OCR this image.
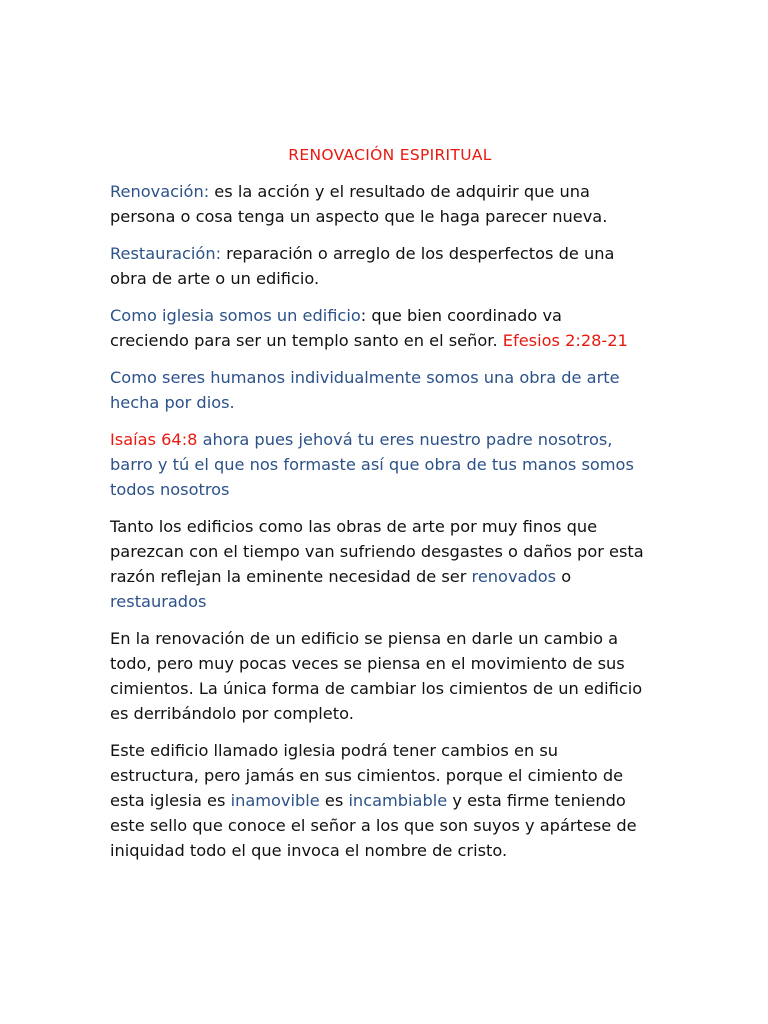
RENOVACIÓN ESPIRITUAL

Renovación: es la acción y el resultado de adquirir que una
persona o cosa tenga un aspecto que le haga parecer nueva.

Restauración: reparación o arreglo de los desperfectos de una
obra de arte o un edificio.

Como iglesia somos un edificio: que bien coordinado va
creciendo para ser un templo santo en el señor. Efesios 2:28-21

Como seres humanos individualmente somos una obra de arte
hecha por dios.

Isaías 64:8 ahora pues jehová tu eres nuestro padre nosotros,
barro y tú el que nos formaste así que obra de tus manos somos
todos nosotros

Tanto los edificios como las obras de arte por muy finos que
parezcan con el tiempo van sufriendo desgastes o daños por esta
razón reflejan la eminente necesidad de ser renovados o
restaurados

En la renovación de un edificio se piensa en darle un cambio a
todo, pero muy pocas veces se piensa en el movimiento de sus
cimientos. La única forma de cambiar los cimientos de un edificio
es derribándolo por completo.

Este edificio llamado iglesia podrá tener cambios en su
estructura, pero jamás en sus cimientos. porque el cimiento de
esta iglesia es inamovible es incambiable y esta firme teniendo
este sello que conoce el señor a los que son suyos y apártese de
iniquidad todo el que invoca el nombre de cristo.
